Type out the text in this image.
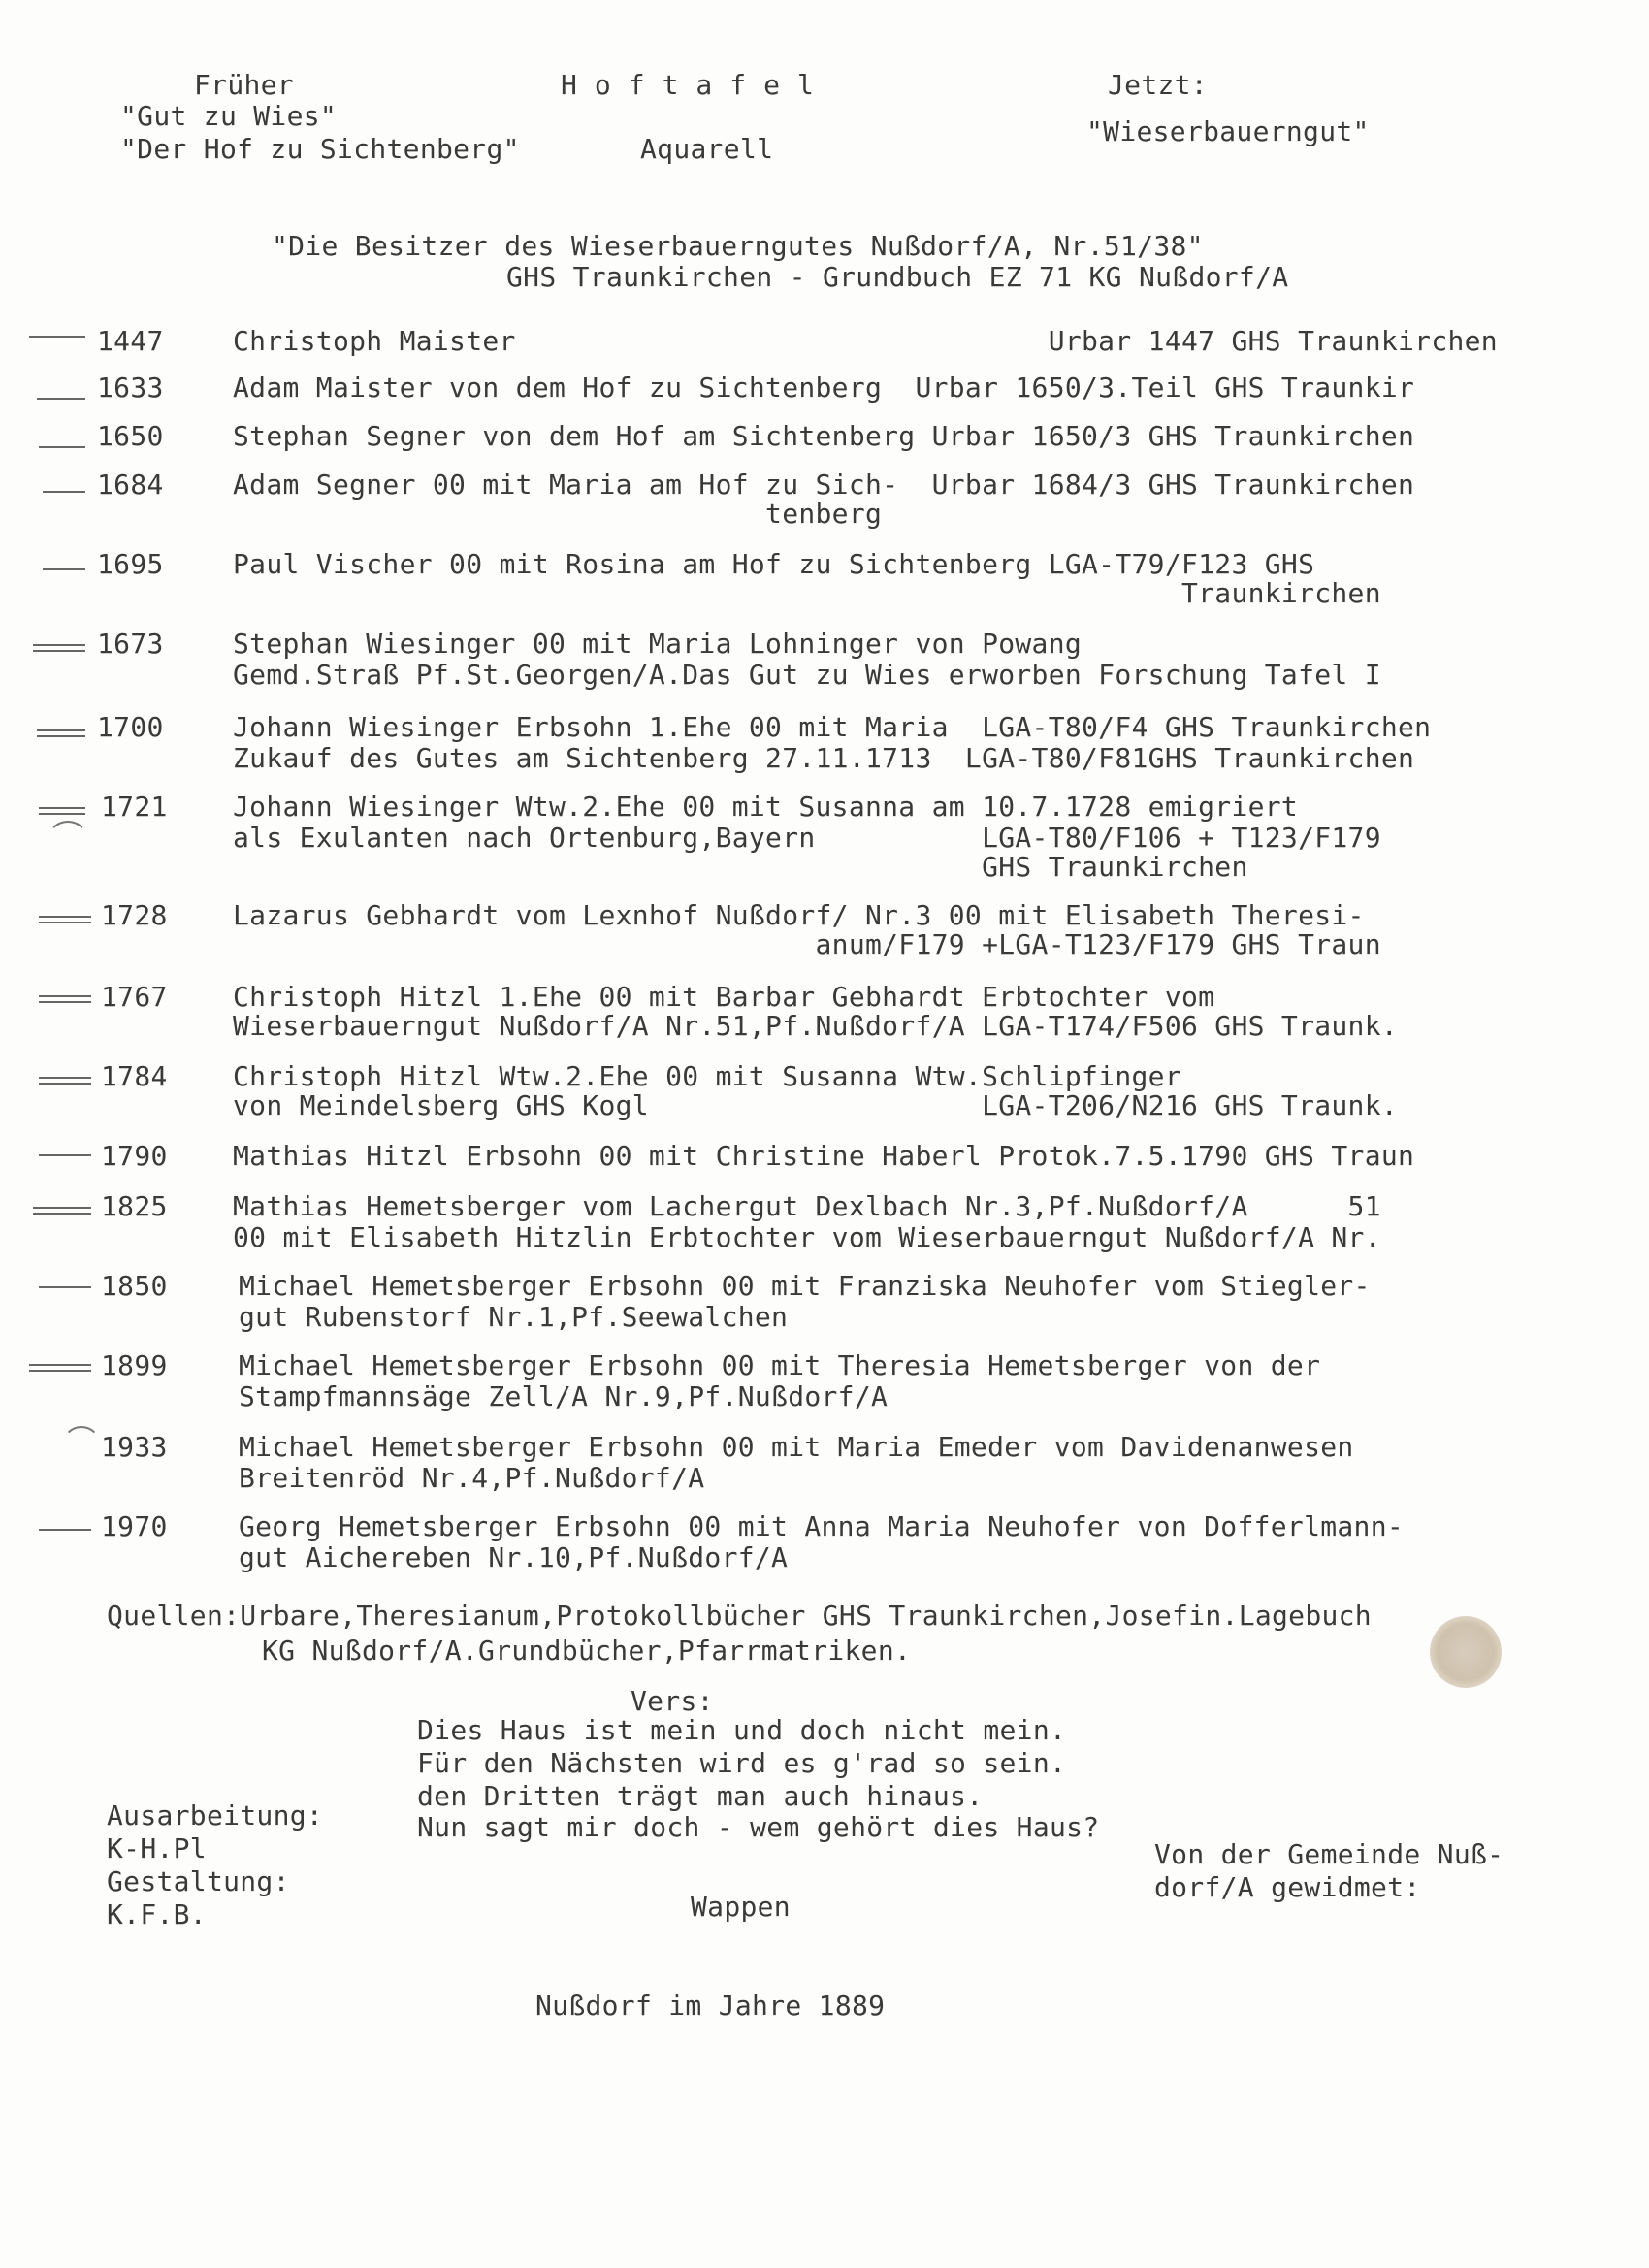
Früher
"Gut zu Wies"
"Der Hof zu Sichtenberg"
Hoftafel
Aquarell
Jetzt:
"Wieserbauerngut"
"Die Besitzer des Wieserbauerngutes Nußdorf/A, Nr.51/38"
GHS Traunkirchen - Grundbuch EZ 71 KG Nußdorf/A
1447
1633
1650
1684
1695
1673
1700
1721
1728
1767
1784
1790
1825
1850
1899
1933
1970
Christoph Maister                                Urbar 1447 GHS Traunkirchen
Adam Maister von dem Hof zu Sichtenberg  Urbar 1650/3.Teil GHS Traunkir
Stephan Segner von dem Hof am Sichtenberg Urbar 1650/3 GHS Traunkirchen
Adam Segner 00 mit Maria am Hof zu Sich-  Urbar 1684/3 GHS Traunkirchen
tenberg
Paul Vischer 00 mit Rosina am Hof zu Sichtenberg LGA-T79/F123 GHS
Traunkirchen
Stephan Wiesinger 00 mit Maria Lohninger von Powang
Gemd.Straß Pf.St.Georgen/A.Das Gut zu Wies erworben Forschung Tafel I
Johann Wiesinger Erbsohn 1.Ehe 00 mit Maria  LGA-T80/F4 GHS Traunkirchen
Zukauf des Gutes am Sichtenberg 27.11.1713  LGA-T80/F81GHS Traunkirchen
Johann Wiesinger Wtw.2.Ehe 00 mit Susanna am 10.7.1728 emigriert
als Exulanten nach Ortenburg,Bayern          LGA-T80/F106 + T123/F179
GHS Traunkirchen
Lazarus Gebhardt vom Lexnhof Nußdorf/ Nr.3 00 mit Elisabeth Theresi-
anum/F179 +LGA-T123/F179 GHS Traun
Christoph Hitzl 1.Ehe 00 mit Barbar Gebhardt Erbtochter vom
Wieserbauerngut Nußdorf/A Nr.51,Pf.Nußdorf/A LGA-T174/F506 GHS Traunk.
Christoph Hitzl Wtw.2.Ehe 00 mit Susanna Wtw.Schlipfinger
von Meindelsberg GHS Kogl                    LGA-T206/N216 GHS Traunk.
Mathias Hitzl Erbsohn 00 mit Christine Haberl Protok.7.5.1790 GHS Traun
Mathias Hemetsberger vom Lachergut Dexlbach Nr.3,Pf.Nußdorf/A      51
00 mit Elisabeth Hitzlin Erbtochter vom Wieserbauerngut Nußdorf/A Nr.
Michael Hemetsberger Erbsohn 00 mit Franziska Neuhofer vom Stiegler-
gut Rubenstorf Nr.1,Pf.Seewalchen
Michael Hemetsberger Erbsohn 00 mit Theresia Hemetsberger von der
Stampfmannsäge Zell/A Nr.9,Pf.Nußdorf/A
Michael Hemetsberger Erbsohn 00 mit Maria Emeder vom Davidenanwesen
Breitenröd Nr.4,Pf.Nußdorf/A
Georg Hemetsberger Erbsohn 00 mit Anna Maria Neuhofer von Dofferlmann-
gut Aichereben Nr.10,Pf.Nußdorf/A
Quellen:Urbare,Theresianum,Protokollbücher GHS Traunkirchen,Josefin.Lagebuch
KG Nußdorf/A.Grundbücher,Pfarrmatriken.
Vers:
Dies Haus ist mein und doch nicht mein.
Für den Nächsten wird es g'rad so sein.
den Dritten trägt man auch hinaus.
Nun sagt mir doch - wem gehört dies Haus?
Ausarbeitung:
K-H.Pl
Gestaltung:
K.F.B.	Wappen
Von der Gemeinde Nuß-
dorf/A gewidmet:
Nußdorf im Jahre 1889
